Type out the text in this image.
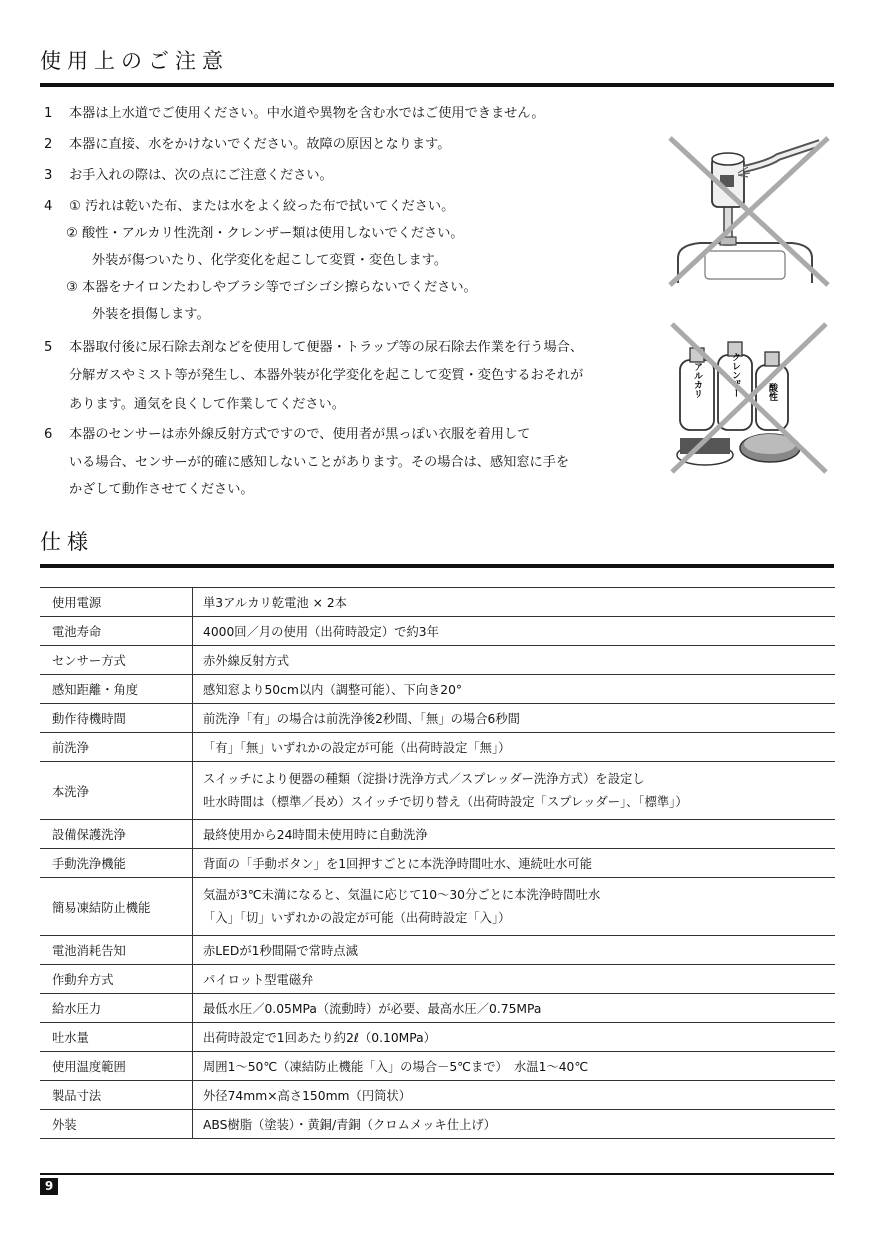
使用上のご注意
1	本器は上水道でご使用ください。中水道や異物を含む水ではご使用できません。
2	本器に直接、水をかけないでください。故障の原因となります。
3	お手入れの際は、次の点にご注意ください。
4	① 汚れは乾いた布、または水をよく絞った布で拭いてください。
② 酸性・アルカリ性洗剤・クレンザー類は使用しないでください。
外装が傷ついたり、化学変化を起こして変質・変色します。
③ 本器をナイロンたわしやブラシ等でゴシゴシ擦らないでください。
外装を損傷します。
5	本器取付後に尿石除去剤などを使用して便器・トラップ等の尿石除去作業を行う場合、
分解ガスやミスト等が発生し、本器外装が化学変化を起こして変質・変色するおそれが
あります。通気を良くして作業してください。
6	本器のセンサーは赤外線反射方式ですので、使用者が黒っぽい衣服を着用して
いる場合、センサーが的確に感知しないことがあります。その場合は、感知窓に手を
かざして動作させてください。
アルカリ	クレンザー	酸性
仕様
使用電源	単3アルカリ乾電池 × 2本
電池寿命	4000回／月の使用（出荷時設定）で約3年
センサー方式	赤外線反射方式
感知距離・角度	感知窓より50cm以内（調整可能）、下向き20°
動作待機時間	前洗浄「有」の場合は前洗浄後2秒間、「無」の場合6秒間
前洗浄	「有」「無」いずれかの設定が可能（出荷時設定「無」）
本洗浄	スイッチにより便器の種類（淀掛け洗浄方式／スプレッダー洗浄方式）を設定し
吐水時間は（標準／長め）スイッチで切り替え（出荷時設定「スプレッダー」、「標準」）

設備保護洗浄	最終使用から24時間未使用時に自動洗浄
手動洗浄機能	背面の「手動ボタン」を1回押すごとに本洗浄時間吐水、連続吐水可能
簡易凍結防止機能	気温が3℃未満になると、気温に応じて10～30分ごとに本洗浄時間吐水
「入」「切」いずれかの設定が可能（出荷時設定「入」）

電池消耗告知	赤LEDが1秒間隔で常時点滅
作動弁方式	パイロット型電磁弁
給水圧力	最低水圧／0.05MPa（流動時）が必要、最高水圧／0.75MPa
吐水量	出荷時設定で1回あたり約2ℓ（0.10MPa）
使用温度範囲	周囲1～50℃（凍結防止機能「入」の場合－5℃まで）　水温1～40℃
製品寸法	外径74mm×高さ150mm（円筒状）
外装	ABS樹脂（塗装）・黄銅/青銅（クロムメッキ仕上げ）
9
